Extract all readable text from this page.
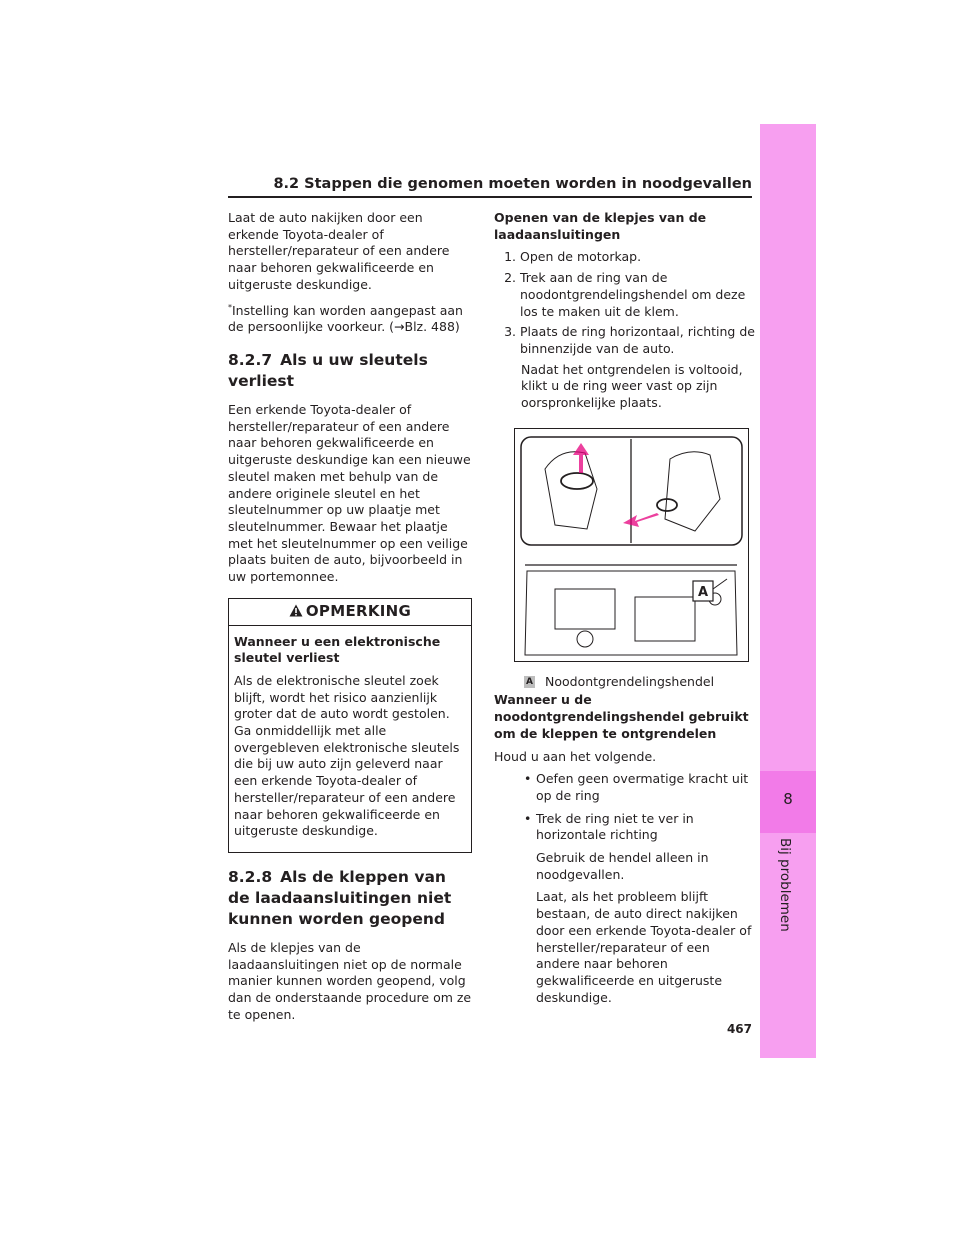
8.2 Stappen die genomen moeten worden in noodgevallen
8
Bij problemen

Laat de auto nakijken door een erkende Toyota-dealer of hersteller/reparateur of een andere naar behoren gekwalificeerde en uitgeruste deskundige.

*Instelling kan worden aangepast aan de persoonlijke voorkeur. (→Blz. 488)

8.2.7 Als u uw sleutels verliest

Een erkende Toyota-dealer of hersteller/reparateur of een andere naar behoren gekwalificeerde en uitgeruste deskundige kan een nieuwe sleutel maken met behulp van de andere originele sleutel en het sleutelnummer op uw plaatje met sleutelnummer. Bewaar het plaatje met het sleutelnummer op een veilige plaats buiten de auto, bijvoorbeeld in uw portemonnee.

OPMERKING

Wanneer u een elektronische sleutel verliest

Als de elektronische sleutel zoek blijft, wordt het risico aanzienlijk groter dat de auto wordt gestolen. Ga onmiddellijk met alle overgebleven elektronische sleutels die bij uw auto zijn geleverd naar een erkende Toyota-dealer of hersteller/reparateur of een andere naar behoren gekwalificeerde en uitgeruste deskundige.

8.2.8 Als de kleppen van de laadaansluitingen niet kunnen worden geopend

Als de klepjes van de laadaansluitingen niet op de normale manier kunnen worden geopend, volg dan de onderstaande procedure om ze te openen.

Openen van de klepjes van de laadaansluitingen

1. Open de motorkap.
2. Trek aan de ring van de noodontgrendelingshendel om deze los te maken uit de klem.
3. Plaats de ring horizontaal, richting de binnenzijde van de auto.

Nadat het ontgrendelen is voltooid, klikt u de ring weer vast op zijn oorspronkelijke plaats.

A
A Noodontgrendelingshendel

Wanneer u de noodontgrendelingshendel gebruikt om de kleppen te ontgrendelen

Houd u aan het volgende.

• Oefen geen overmatige kracht uit op de ring
• Trek de ring niet te ver in horizontale richting

Gebruik de hendel alleen in noodgevallen.

Laat, als het probleem blijft bestaan, de auto direct nakijken door een erkende Toyota-dealer of hersteller/reparateur of een andere naar behoren gekwalificeerde en uitgeruste deskundige.

467
